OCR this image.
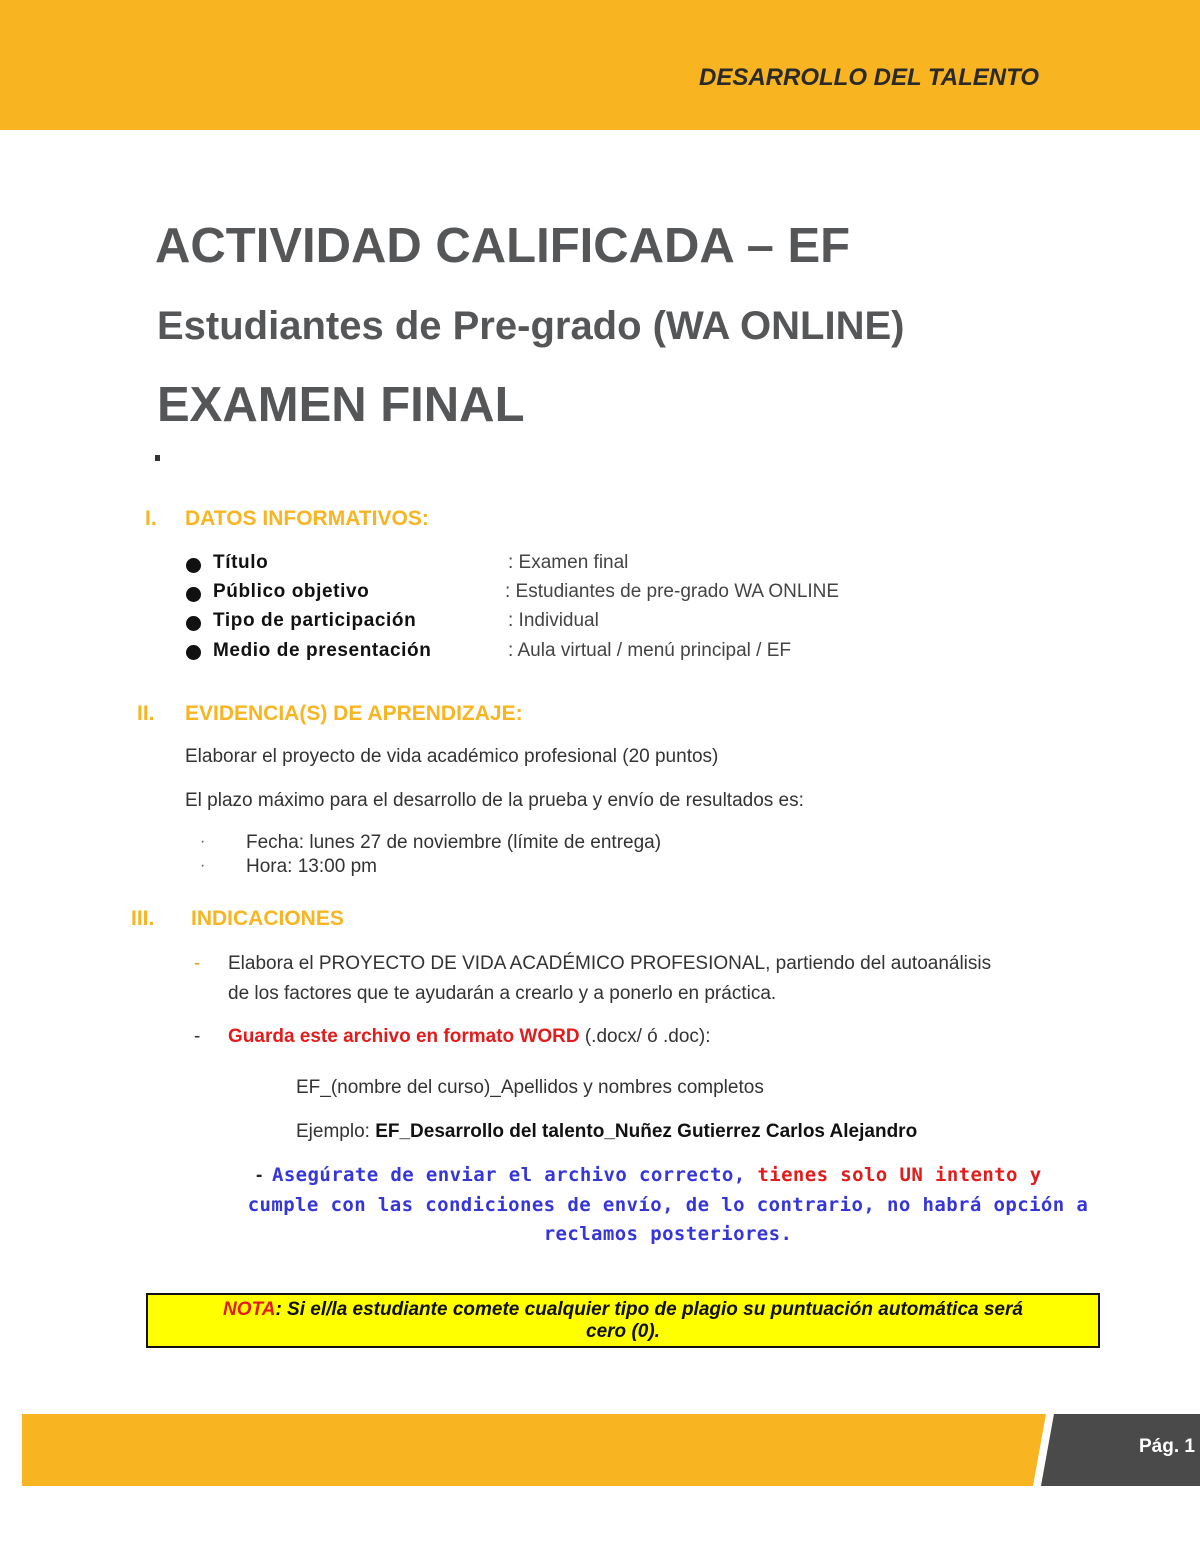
DESARROLLO DEL TALENTO
ACTIVIDAD CALIFICADA – EF
Estudiantes de Pre-grado (WA ONLINE)
EXAMEN FINAL
I. DATOS INFORMATIVOS:
Título	: Examen final
Público objetivo	: Estudiantes de pre-grado WA ONLINE
Tipo de participación	: Individual
Medio de presentación	: Aula virtual / menú principal / EF
II. EVIDENCIA(S) DE APRENDIZAJE:
Elaborar el proyecto de vida académico profesional (20 puntos)
El plazo máximo para el desarrollo de la prueba y envío de resultados es:
· Fecha: lunes 27 de noviembre (límite de entrega)
· Hora: 13:00 pm
III. INDICACIONES
- Elabora el PROYECTO DE VIDA ACADÉMICO PROFESIONAL, partiendo del autoanálisis
de los factores que te ayudarán a crearlo y a ponerlo en práctica.
- Guarda este archivo en formato WORD (.docx/ ó .doc):
EF_(nombre del curso)_Apellidos y nombres completos
Ejemplo: EF_Desarrollo del talento_Nuñez Gutierrez Carlos Alejandro
- Asegúrate de enviar el archivo correcto, tienes solo UN intento y
cumple con las condiciones de envío, de lo contrario, no habrá opción a
reclamos posteriores.
NOTA: Si el/la estudiante comete cualquier tipo de plagio su puntuación automática será
cero (0).
Pág. 1
